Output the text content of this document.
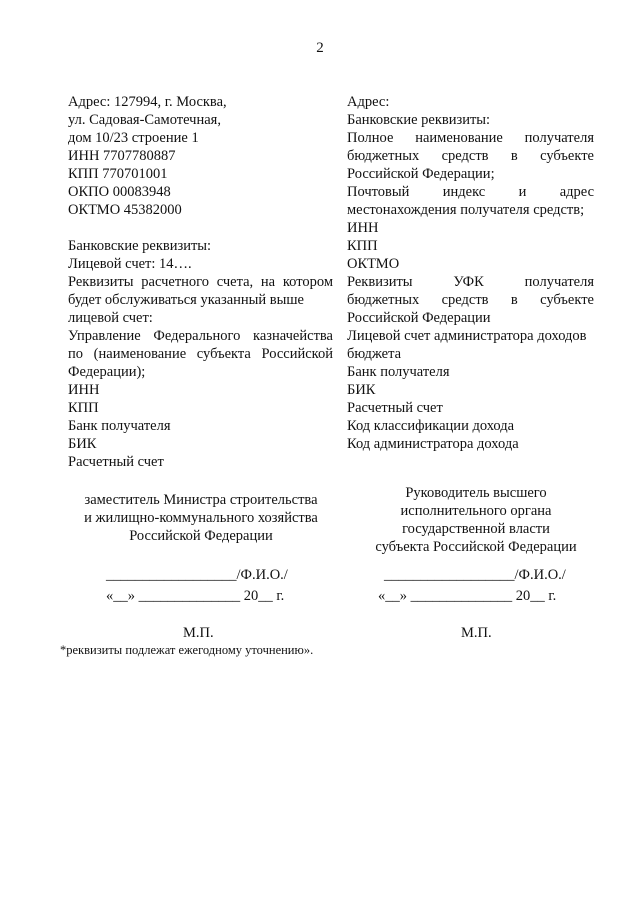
2
Адрес: 127994, г. Москва,
ул. Садовая-Самотечная,
дом 10/23 строение 1
ИНН 7707780887
КПП 770701001
ОКПО 00083948
ОКТМО 45382000
Банковские реквизиты:
Лицевой счет: 14….
Реквизиты расчетного счета, на котором
будет обслуживаться указанный выше
лицевой счет:
Управление Федерального казначейства
по (наименование субъекта Российской
Федерации);
ИНН
КПП
Банк получателя
БИК
Расчетный счет
Адрес:
Банковские реквизиты:
Полное наименование получателя
бюджетных средств в субъекте
Российской Федерации;
Почтовый индекс и адрес
местонахождения получателя средств;
ИНН
КПП
ОКТМО
Реквизиты УФК получателя
бюджетных средств в субъекте
Российской Федерации
Лицевой счет администратора доходов
бюджета
Банк получателя
БИК
Расчетный счет
Код классификации дохода
Код администратора дохода
заместитель Министра строительства
и жилищно-коммунального хозяйства
Российской Федерации
__________________/Ф.И.О./
«__» ______________ 20__ г.
М.П.
Руководитель высшего
исполнительного органа
государственной власти
субъекта Российской Федерации
__________________/Ф.И.О./
«__» ______________ 20__ г.
М.П.
*реквизиты подлежат ежегодному уточнению».
